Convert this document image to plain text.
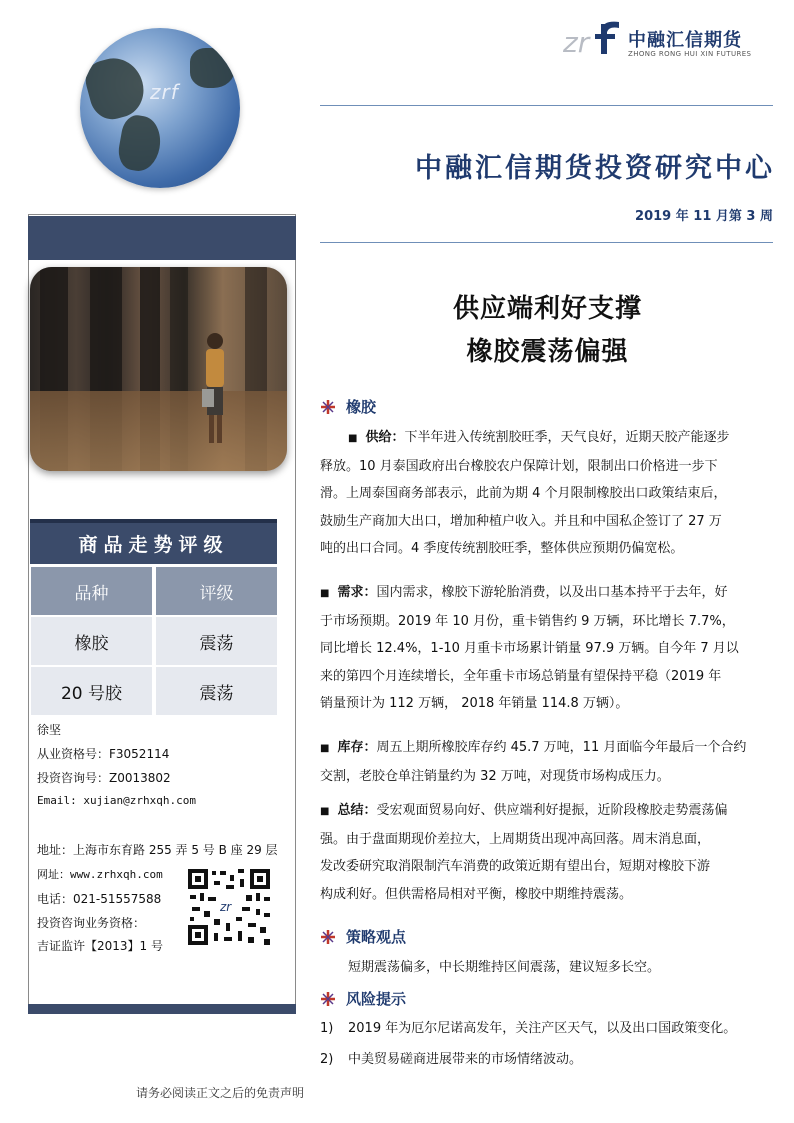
zrf
zr 中融汇信期货
ZHONG RONG HUI XIN FUTURES
中融汇信期货投资研究中心
2019 年 11 月第 3 周
商品走势评级
品种	评级
橡胶	震荡
20 号胶	震荡
徐坚
从业资格号：F3052114
投资咨询号：Z0013802
Email: xujian@zrhxqh.com
地址：上海市东育路 255 弄 5 号 B 座 29 层
网址：www.zrhxqh.com
电话：021-51557588
投资咨询业务资格：
吉证监许【2013】1 号
zr
供应端利好支撑
橡胶震荡偏强
橡胶
■ 供给：下半年进入传统割胶旺季，天气良好，近期天胶产能逐步
释放。10 月泰国政府出台橡胶农户保障计划，限制出口价格进一步下
滑。上周泰国商务部表示，此前为期 4 个月限制橡胶出口政策结束后，
鼓励生产商加大出口，增加种植户收入。并且和中国私企签订了 27 万
吨的出口合同。4 季度传统割胶旺季，整体供应预期仍偏宽松。
■ 需求：国内需求，橡胶下游轮胎消费，以及出口基本持平于去年，好
于市场预期。2019 年 10 月份，重卡销售约 9 万辆，环比增长 7.7%，
同比增长 12.4%，1-10 月重卡市场累计销量 97.9 万辆。自今年 7 月以
来的第四个月连续增长，全年重卡市场总销量有望保持平稳（2019 年
销量预计为 112 万辆， 2018 年销量 114.8 万辆）。
■ 库存：周五上期所橡胶库存约 45.7 万吨，11 月面临今年最后一个合约
交割，老胶仓单注销量约为 32 万吨，对现货市场构成压力。
■ 总结：受宏观面贸易向好、供应端利好提振，近阶段橡胶走势震荡偏
强。由于盘面期现价差拉大，上周期货出现冲高回落。周末消息面，
发改委研究取消限制汽车消费的政策近期有望出台，短期对橡胶下游
构成利好。但供需格局相对平衡，橡胶中期维持震荡。
策略观点
短期震荡偏多，中长期维持区间震荡，建议短多长空。
风险提示
1) 2019 年为厄尔尼诺高发年，关注产区天气，以及出口国政策变化。
2) 中美贸易磋商进展带来的市场情绪波动。
请务必阅读正文之后的免责声明
